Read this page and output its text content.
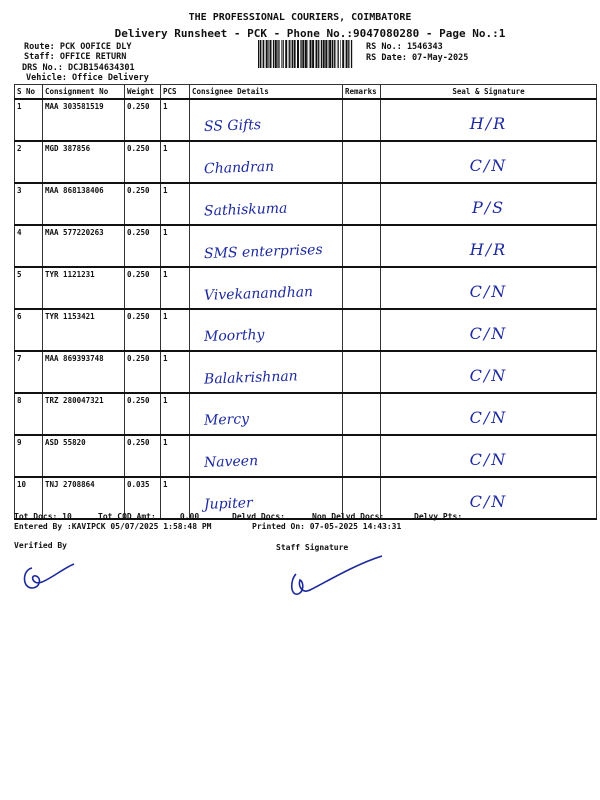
THE PROFESSIONAL COURIERS, COIMBATORE
Delivery Runsheet - PCK - Phone No.:9047080280 - Page No.:1
Route: PCK OOFICE DLY
Staff: OFFICE RETURN
DRS No.: DCJB154634301
Vehicle: Office Delivery
RS No.: 1546343
RS Date: 07-May-2025
S No	Consignment No	Weight	PCS	Consignee Details	Remarks	Seal & Signature
1	MAA 303581519	0.250	1	SS Gifts		H/R
2	MGD 387856	0.250	1	Chandran		C/N
3	MAA 868138406	0.250	1	Sathiskuma		P/S
4	MAA 577220263	0.250	1	SMS enterprises		H/R
5	TYR 1121231	0.250	1	Vivekanandhan		C/N
6	TYR 1153421	0.250	1	Moorthy		C/N
7	MAA 869393748	0.250	1	Balakrishnan		C/N
8	TRZ 280047321	0.250	1	Mercy		C/N
9	ASD 55820	0.250	1	Naveen		C/N
10	TNJ 2708864	0.035	1	Jupiter		C/N
Tot Docs: 10	Tot COD Amt:     0.00	Delvd Docs:	Non Delvd Docs:	Delvy Pts:
Entered By :KAVIPCK 05/07/2025 1:58:48 PM	Printed On: 07-05-2025 14:43:31
Verified By	Staff Signature
